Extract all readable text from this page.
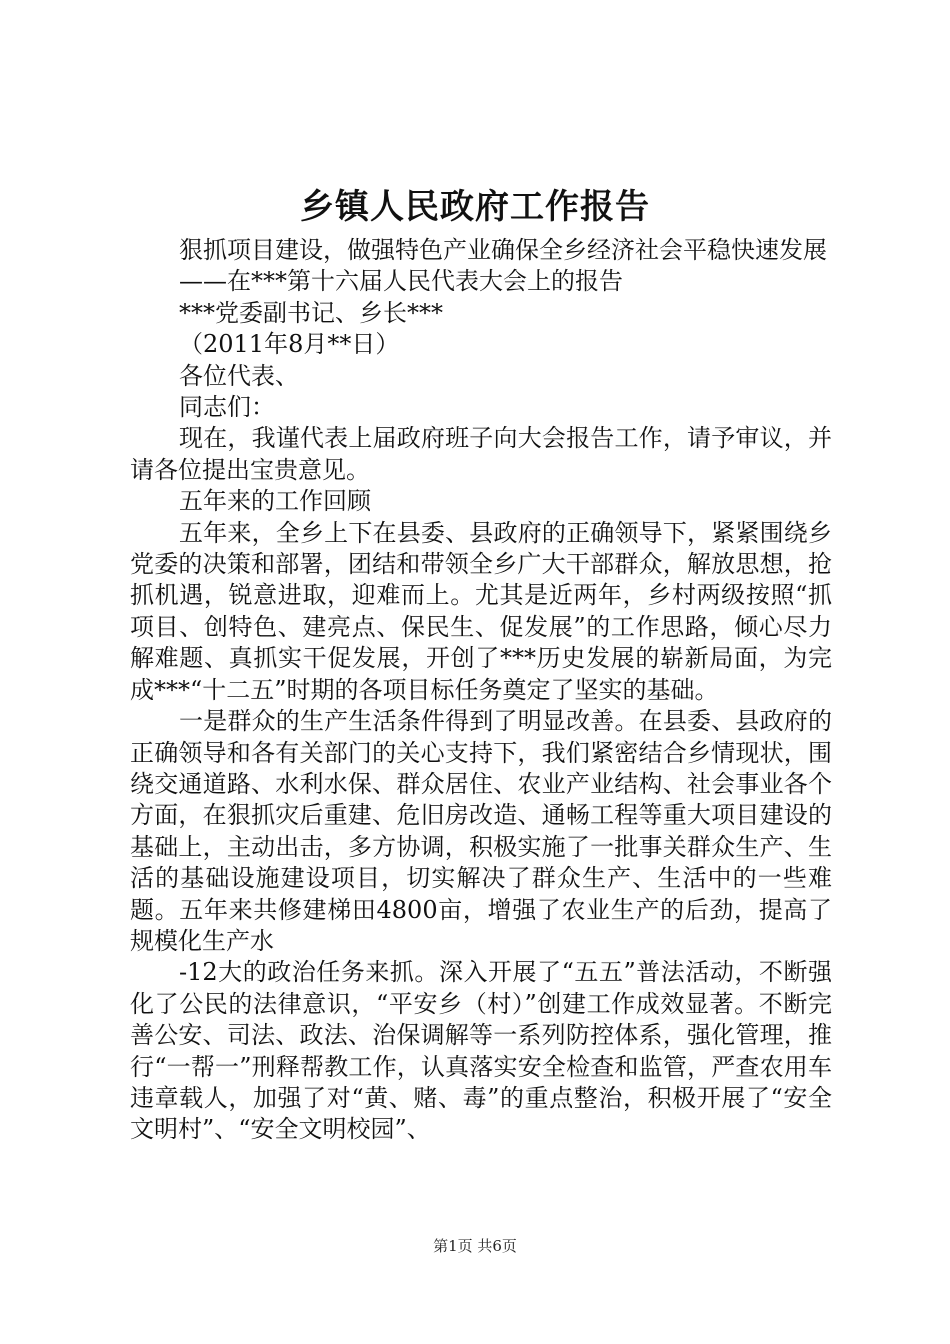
乡镇人民政府工作报告

狠抓项目建设，做强特色产业确保全乡经济社会平稳快速发展

——在***第十六届人民代表大会上的报告

***党委副书记、乡长***

（2011年8月**日）

各位代表、

同志们：

现在，我谨代表上届政府班子向大会报告工作，请予审议，并请各位提出宝贵意见。

五年来的工作回顾

五年来，全乡上下在县委、县政府的正确领导下，紧紧围绕乡党委的决策和部署，团结和带领全乡广大干部群众，解放思想，抢抓机遇，锐意进取，迎难而上。尤其是近两年，乡村两级按照“抓项目、创特色、建亮点、保民生、促发展”的工作思路，倾心尽力解难题、真抓实干促发展，开创了***历史发展的崭新局面，为完成***“十二五”时期的各项目标任务奠定了坚实的基础。

一是群众的生产生活条件得到了明显改善。在县委、县政府的正确领导和各有关部门的关心支持下，我们紧密结合乡情现状，围绕交通道路、水利水保、群众居住、农业产业结构、社会事业各个方面，在狠抓灾后重建、危旧房改造、通畅工程等重大项目建设的基础上，主动出击，多方协调，积极实施了一批事关群众生产、生活的基础设施建设项目，切实解决了群众生产、生活中的一些难题。五年来共修建梯田4800亩，增强了农业生产的后劲，提高了规模化生产水

-12大的政治任务来抓。深入开展了“五五”普法活动，不断强化了公民的法律意识，“平安乡（村）”创建工作成效显著。不断完善公安、司法、政法、治保调解等一系列防控体系，强化管理，推行“一帮一”刑释帮教工作，认真落实安全检查和监管，严查农用车违章载人，加强了对“黄、赌、毒”的重点整治，积极开展了“安全文明村”、“安全文明校园”、

第1页 共6页
